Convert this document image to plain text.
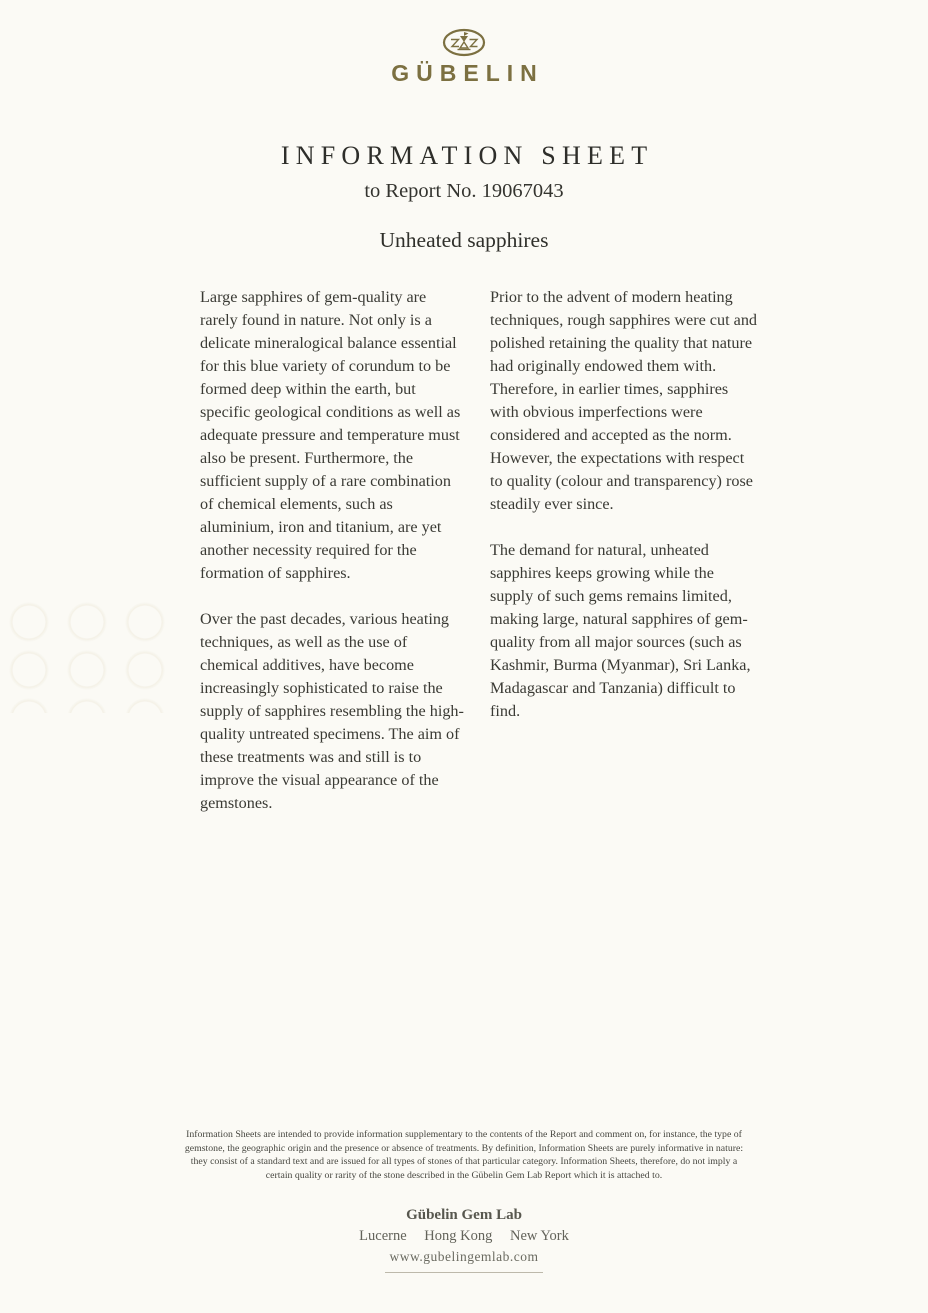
GÜBELIN
INFORMATION SHEET
to Report No. 19067043
Unheated sapphires

Large sapphires of gem-quality are rarely found in nature. Not only is a delicate mineralogical balance essential for this blue variety of corundum to be formed deep within the earth, but specific geological conditions as well as adequate pressure and temperature must also be present. Furthermore, the sufficient supply of a rare combination of chemical elements, such as aluminium, iron and titanium, are yet another necessity required for the formation of sapphires.

Over the past decades, various heating techniques, as well as the use of chemical additives, have become increasingly sophisticated to raise the supply of sapphires resembling the high-quality untreated specimens. The aim of these treatments was and still is to improve the visual appearance of the gemstones.

Prior to the advent of modern heating techniques, rough sapphires were cut and polished retaining the quality that nature had originally endowed them with. Therefore, in earlier times, sapphires with obvious imperfections were considered and accepted as the norm. However, the expectations with respect to quality (colour and transparency) rose steadily ever since.

The demand for natural, unheated sapphires keeps growing while the supply of such gems remains limited, making large, natural sapphires of gem-quality from all major sources (such as Kashmir, Burma (Myanmar), Sri Lanka, Madagascar and Tanzania) difficult to find.

Information Sheets are intended to provide information supplementary to the contents of the Report and comment on, for instance, the type of gemstone, the geographic origin and the presence or absence of treatments. By definition, Information Sheets are purely informative in nature: they consist of a standard text and are issued for all types of stones of that particular category. Information Sheets, therefore, do not imply a certain quality or rarity of the stone described in the Gübelin Gem Lab Report which it is attached to.

Gübelin Gem Lab
Lucerne Hong Kong New York
www.gubelingemlab.com
